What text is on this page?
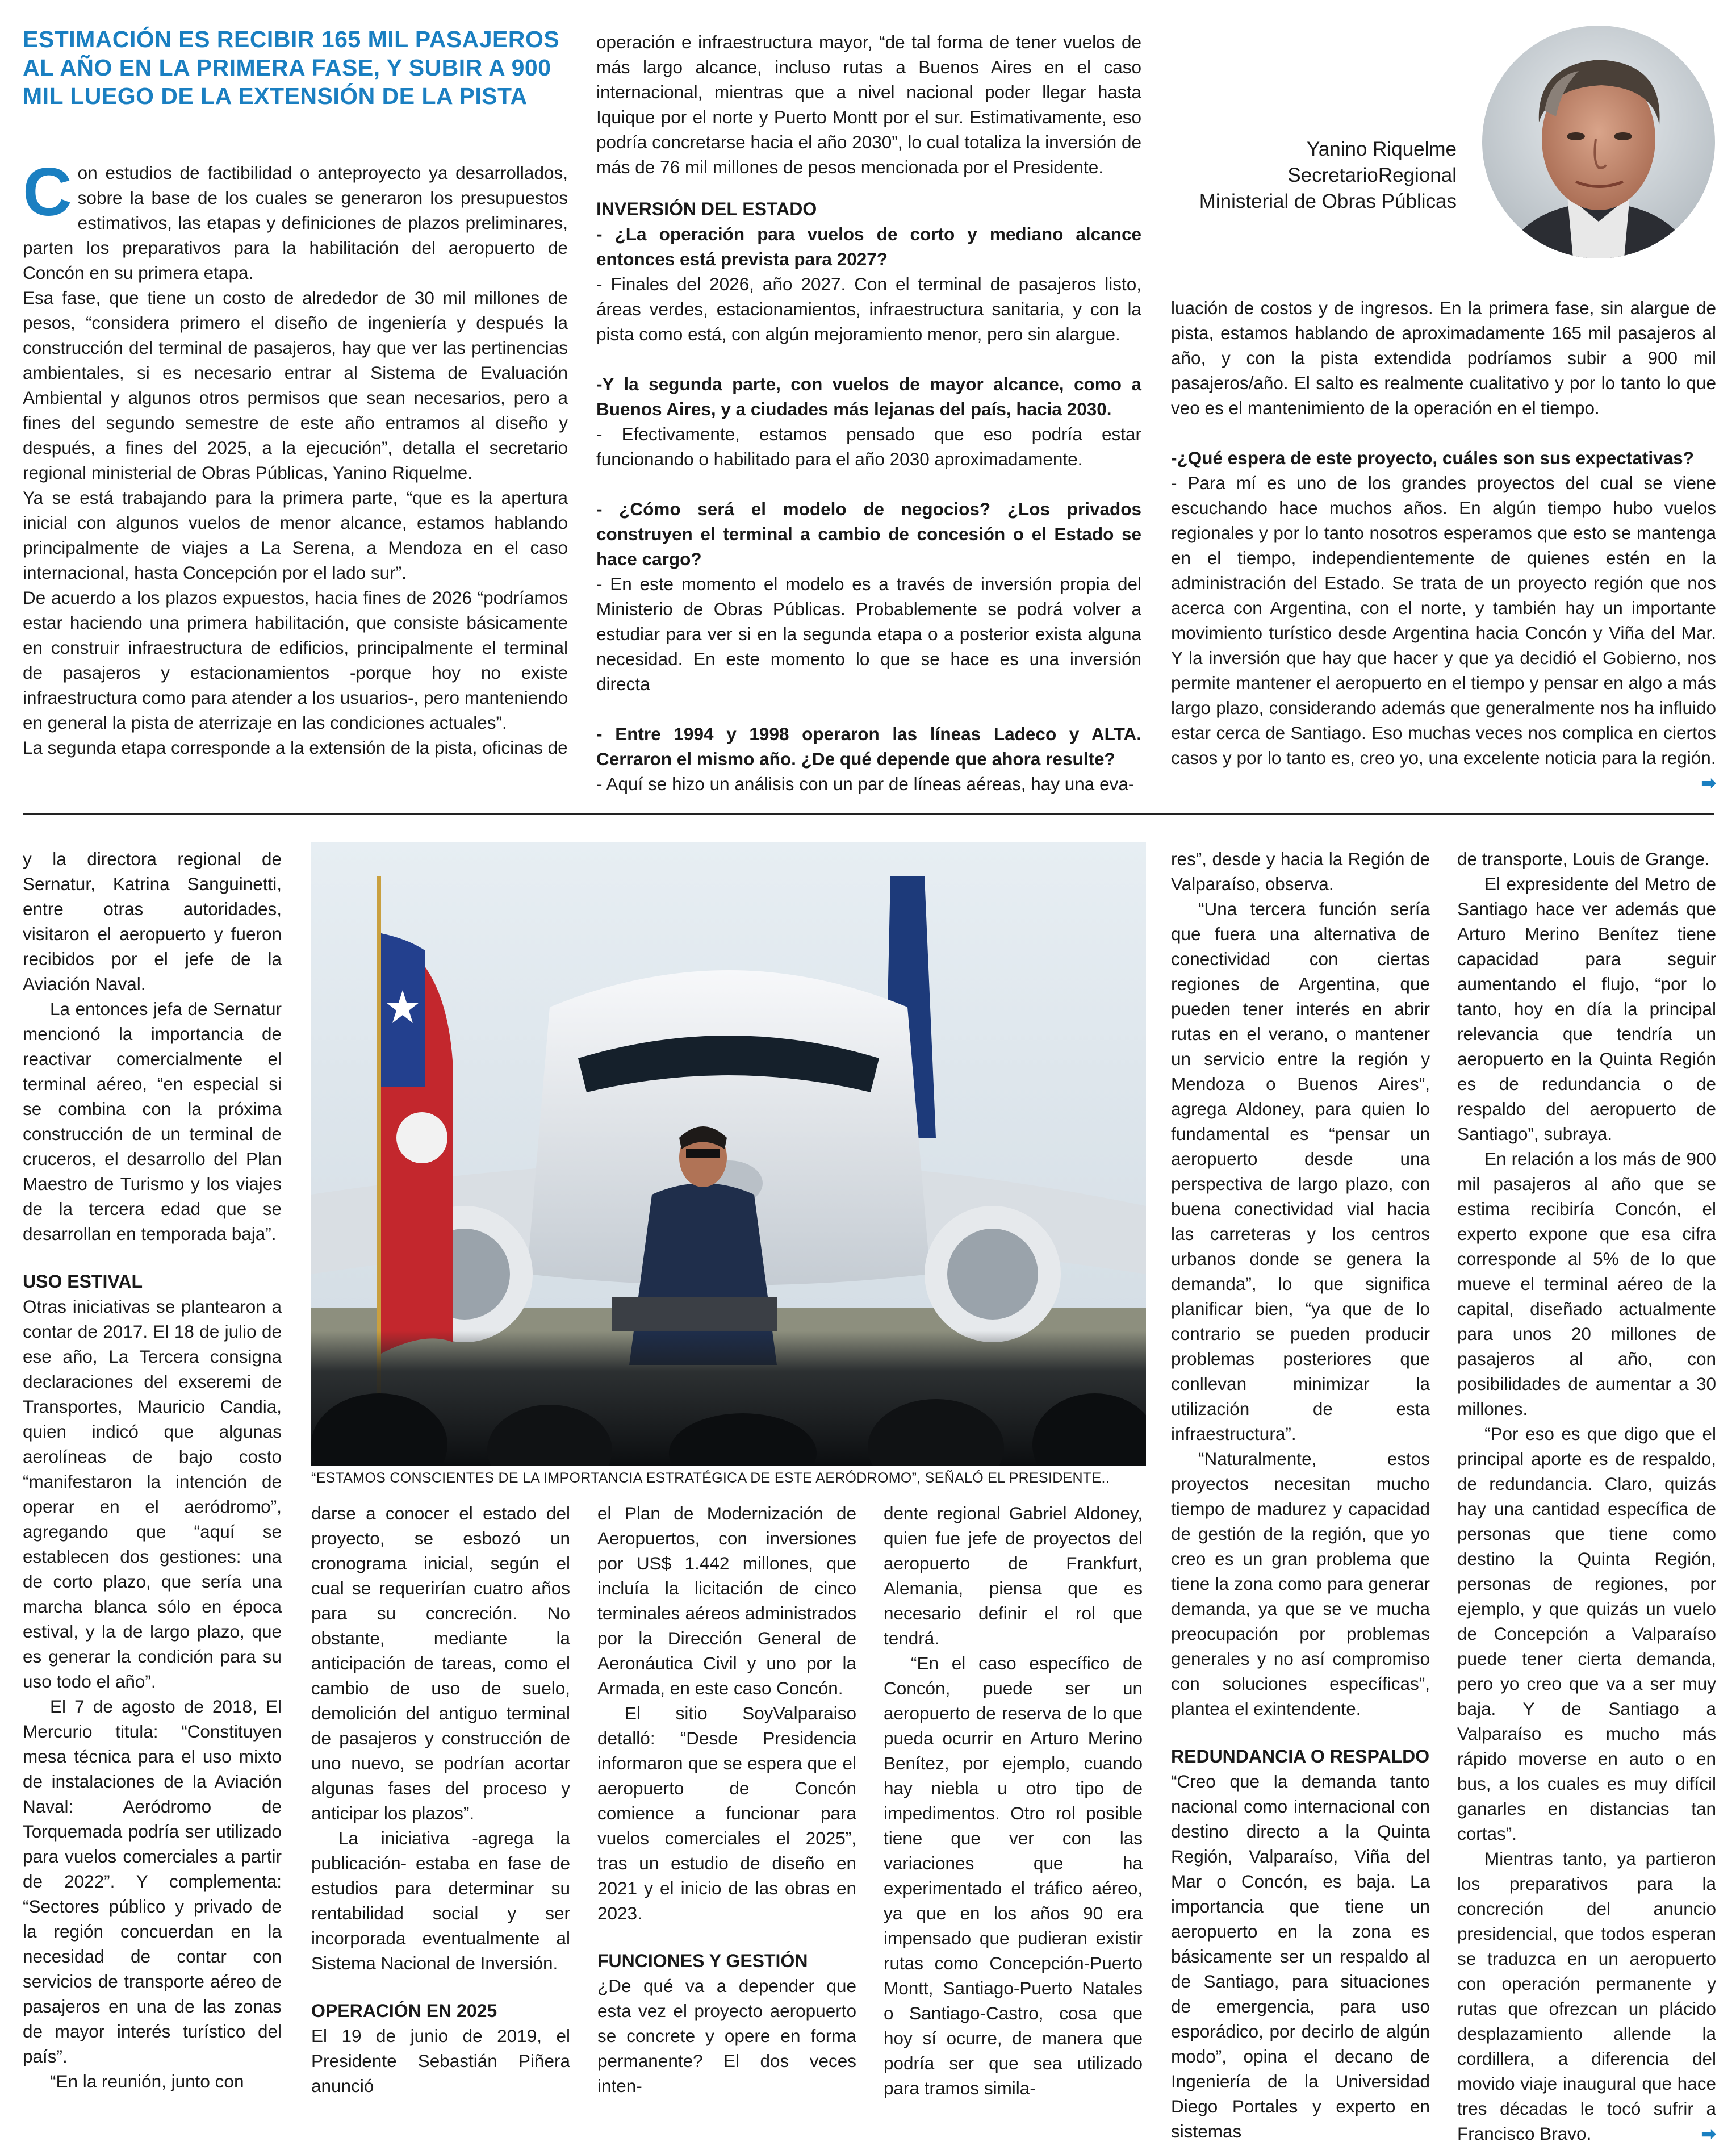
ESTIMACIÓN ES RECIBIR 165 MIL PASAJEROS AL AÑO EN LA PRIMERA FASE, Y SUBIR A 900 MIL LUEGO DE LA EXTENSIÓN DE LA PISTA

Con estudios de factibilidad o anteproyecto ya desarrollados, sobre la base de los cuales se generaron los presupuestos estimativos, las etapas y definiciones de plazos preliminares, parten los preparativos para la habilitación del aeropuerto de Concón en su primera etapa.

Esa fase, que tiene un costo de alrededor de 30 mil millones de pesos, “considera primero el diseño de ingeniería y después la construcción del terminal de pasajeros, hay que ver las pertinencias ambientales, si es necesario entrar al Sistema de Evaluación Ambiental y algunos otros permisos que sean necesarios, pero a fines del segundo semestre de este año entramos al diseño y después, a fines del 2025, a la ejecución”, detalla el secretario regional ministerial de Obras Públicas, Yanino Riquelme.

Ya se está trabajando para la primera parte, “que es la apertura inicial con algunos vuelos de menor alcance, estamos hablando principalmente de viajes a La Serena, a Mendoza en el caso internacional, hasta Concepción por el lado sur”.

De acuerdo a los plazos expuestos, hacia fines de 2026 “podríamos estar haciendo una primera habilitación, que consiste básicamente en construir infraestructura de edificios, principalmente el terminal de pasajeros y estacionamientos -porque hoy no existe infraestructura como para atender a los usuarios-, pero manteniendo en general la pista de aterrizaje en las condiciones actuales”.

La segunda etapa corresponde a la extensión de la pista, oficinas de

operación e infraestructura mayor, “de tal forma de tener vuelos de más largo alcance, incluso rutas a Buenos Aires en el caso internacional, mientras que a nivel nacional poder llegar hasta Iquique por el norte y Puerto Montt por el sur. Estimativamente, eso podría concretarse hacia el año 2030”, lo cual totaliza la inversión de más de 76 mil millones de pesos mencionada por el Presidente.

INVERSIÓN DEL ESTADO

- ¿La operación para vuelos de corto y mediano alcance entonces está prevista para 2027?

- Finales del 2026, año 2027. Con el terminal de pasajeros listo, áreas verdes, estacionamientos, infraestructura sanitaria, y con la pista como está, con algún mejoramiento menor, pero sin alargue.

-Y la segunda parte, con vuelos de mayor alcance, como a Buenos Aires, y a ciudades más lejanas del país, hacia 2030.

- Efectivamente, estamos pensado que eso podría estar funcionando o habilitado para el año 2030 aproximadamente.

- ¿Cómo será el modelo de negocios? ¿Los privados construyen el terminal a cambio de concesión o el Estado se hace cargo?

- En este momento el modelo es a través de inversión propia del Ministerio de Obras Públicas. Probablemente se podrá volver a estudiar para ver si en la segunda etapa o a posterior exista alguna necesidad. En este momento lo que se hace es una inversión directa

- Entre 1994 y 1998 operaron las líneas Ladeco y ALTA. Cerraron el mismo año. ¿De qué depende que ahora resulte?

- Aquí se hizo un análisis con un par de líneas aéreas, hay una eva-

Yanino Riquelme
SecretarioRegional
Ministerial de Obras Públicas

luación de costos y de ingresos. En la primera fase, sin alargue de pista, estamos hablando de aproximadamente 165 mil pasajeros al año, y con la pista extendida podríamos subir a 900 mil pasajeros/año. El salto es realmente cualitativo y por lo tanto lo que veo es el mantenimiento de la operación en el tiempo.

-¿Qué espera de este proyecto, cuáles son sus expectativas?

- Para mí es uno de los grandes proyectos del cual se viene escuchando hace muchos años. En algún tiempo hubo vuelos regionales y por lo tanto nosotros esperamos que esto se mantenga en el tiempo, independientemente de quienes estén en la administración del Estado. Se trata de un proyecto región que nos acerca con Argentina, con el norte, y también hay un importante movimiento turístico desde Argentina hacia Concón y Viña del Mar. Y la inversión que hay que hacer y que ya decidió el Gobierno, nos permite mantener el aeropuerto en el tiempo y pensar en algo a más largo plazo, considerando además que generalmente nos ha influido estar cerca de Santiago. Eso muchas veces nos complica en ciertos casos y por lo tanto es, creo yo, una excelente noticia para la región.
➡

“ESTAMOS CONSCIENTES DE LA IMPORTANCIA ESTRATÉGICA DE ESTE AERÓDROMO”, SEÑALÓ EL PRESIDENTE..

y la directora regional de Sernatur, Katrina Sanguinetti, entre otras autoridades, visitaron el aeropuerto y fueron recibidos por el jefe de la Aviación Naval.

La entonces jefa de Sernatur mencionó la importancia de reactivar comercialmente el terminal aéreo, “en especial si se combina con la próxima construcción de un terminal de cruceros, el desarrollo del Plan Maestro de Turismo y los viajes de la tercera edad que se desarrollan en temporada baja”.

USO ESTIVAL

Otras iniciativas se plantearon a contar de 2017. El 18 de julio de ese año, La Tercera consigna declaraciones del exseremi de Transportes, Mauricio Candia, quien indicó que algunas aerolíneas de bajo costo “manifestaron la intención de operar en el aeródromo”, agregando que “aquí se establecen dos gestiones: una de corto plazo, que sería una marcha blanca sólo en época estival, y la de largo plazo, que es generar la condición para su uso todo el año”.

El 7 de agosto de 2018, El Mercurio titula: “Constituyen mesa técnica para el uso mixto de instalaciones de la Aviación Naval: Aeródromo de Torquemada podría ser utilizado para vuelos comerciales a partir de 2022”. Y complementa: “Sectores público y privado de la región concuerdan en la necesidad de contar con servicios de transporte aéreo de pasajeros en una de las zonas de mayor interés turístico del país”.

“En la reunión, junto con

darse a conocer el estado del proyecto, se esbozó un cronograma inicial, según el cual se requerirían cuatro años para su concreción. No obstante, mediante la anticipación de tareas, como el cambio de uso de suelo, demolición del antiguo terminal de pasajeros y construcción de uno nuevo, se podrían acortar algunas fases del proceso y anticipar los plazos”.

La iniciativa -agrega la publicación- estaba en fase de estudios para determinar su rentabilidad social y ser incorporada eventualmente al Sistema Nacional de Inversión.

OPERACIÓN EN 2025

El 19 de junio de 2019, el Presidente Sebastián Piñera anunció

el Plan de Modernización de Aeropuertos, con inversiones por US$ 1.442 millones, que incluía la licitación de cinco terminales aéreos administrados por la Dirección General de Aeronáutica Civil y uno por la Armada, en este caso Concón.

El sitio SoyValparaiso detalló: “Desde Presidencia informaron que se espera que el aeropuerto de Concón comience a funcionar para vuelos comerciales el 2025”, tras un estudio de diseño en 2021 y el inicio de las obras en 2023.

FUNCIONES Y GESTIÓN

¿De qué va a depender que esta vez el proyecto aeropuerto se concrete y opere en forma permanente? El dos veces inten-

dente regional Gabriel Aldoney, quien fue jefe de proyectos del aeropuerto de Frankfurt, Alemania, piensa que es necesario definir el rol que tendrá.

“En el caso específico de Concón, puede ser un aeropuerto de reserva de lo que pueda ocurrir en Arturo Merino Benítez, por ejemplo, cuando hay niebla u otro tipo de impedimentos. Otro rol posible tiene que ver con las variaciones que ha experimentado el tráfico aéreo, ya que en los años 90 era impensado que pudieran existir rutas como Concepción-Puerto Montt, Santiago-Puerto Natales o Santiago-Castro, cosa que hoy sí ocurre, de manera que podría ser que sea utilizado para tramos simila-

res”, desde y hacia la Región de Valparaíso, observa.

“Una tercera función sería que fuera una alternativa de conectividad con ciertas regiones de Argentina, que pueden tener interés en abrir rutas en el verano, o mantener un servicio entre la región y Mendoza o Buenos Aires”, agrega Aldoney, para quien lo fundamental es “pensar un aeropuerto desde una perspectiva de largo plazo, con buena conectividad vial hacia las carreteras y los centros urbanos donde se genera la demanda”, lo que significa planificar bien, “ya que de lo contrario se pueden producir problemas posteriores que conllevan minimizar la utilización de esta infraestructura”.

“Naturalmente, estos proyectos necesitan mucho tiempo de madurez y capacidad de gestión de la región, que yo creo es un gran problema que tiene la zona como para generar demanda, ya que se ve mucha preocupación por problemas generales y no así compromiso con soluciones específicas”, plantea el exintendente.

REDUNDANCIA O RESPALDO

“Creo que la demanda tanto nacional como internacional con destino directo a la Quinta Región, Valparaíso, Viña del Mar o Concón, es baja. La importancia que tiene un aeropuerto en la zona es básicamente ser un respaldo al de Santiago, para situaciones de emergencia, para uso esporádico, por decirlo de algún modo”, opina el decano de Ingeniería de la Universidad Diego Portales y experto en sistemas

de transporte, Louis de Grange.

El expresidente del Metro de Santiago hace ver además que Arturo Merino Benítez tiene capacidad para seguir aumentando el flujo, “por lo tanto, hoy en día la principal relevancia que tendría un aeropuerto en la Quinta Región es de redundancia o de respaldo del aeropuerto de Santiago”, subraya.

En relación a los más de 900 mil pasajeros al año que se estima recibiría Concón, el experto expone que esa cifra corresponde al 5% de lo que mueve el terminal aéreo de la capital, diseñado actualmente para unos 20 millones de pasajeros al año, con posibilidades de aumentar a 30 millones.

“Por eso es que digo que el principal aporte es de respaldo, de redundancia. Claro, quizás hay una cantidad específica de personas que tiene como destino la Quinta Región, personas de regiones, por ejemplo, y que quizás un vuelo de Concepción a Valparaíso puede tener cierta demanda, pero yo creo que va a ser muy baja. Y de Santiago a Valparaíso es mucho más rápido moverse en auto o en bus, a los cuales es muy difícil ganarles en distancias tan cortas”.

Mientras tanto, ya partieron los preparativos para la concreción del anuncio presidencial, que todos esperan se traduzca en un aeropuerto con operación permanente y rutas que ofrezcan un plácido desplazamiento allende la cordillera, a diferencia del movido viaje inaugural que hace tres décadas le tocó sufrir a Francisco Bravo.	➡
